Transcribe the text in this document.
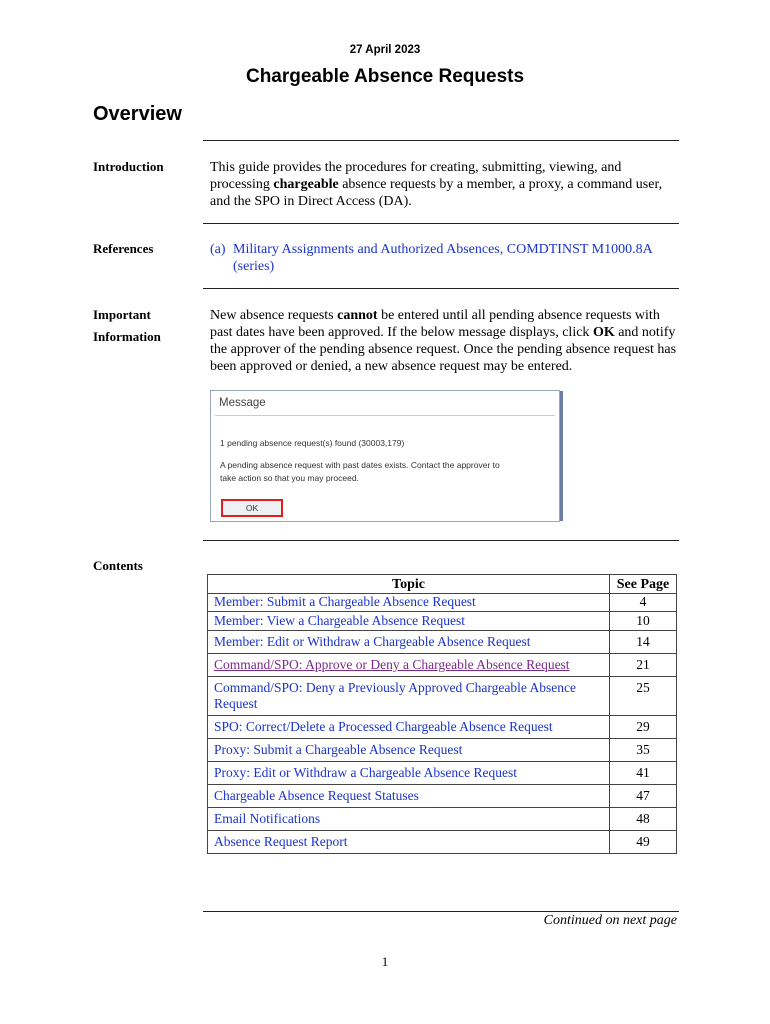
27 April 2023
Chargeable Absence Requests
Overview
Introduction	This guide provides the procedures for creating, submitting, viewing, and processing chargeable absence requests by a member, a proxy, a command user, and the SPO in Direct Access (DA).
References	(a) Military Assignments and Authorized Absences, COMDTINST M1000.8A (series)
Important
Information
New absence requests cannot be entered until all pending absence requests with past dates have been approved. If the below message displays, click OK and notify the approver of the pending absence request. Once the pending absence request has been approved or denied, a new absence request may be entered.
Message
1 pending absence request(s) found (30003,179)
A pending absence request with past dates exists. Contact the approver to
take action so that you may proceed.
OK
Contents
Topic	See Page
Member: Submit a Chargeable Absence Request	4
Member: View a Chargeable Absence Request	10
Member: Edit or Withdraw a Chargeable Absence Request	14
Command/SPO: Approve or Deny a Chargeable Absence Request	21
Command/SPO: Deny a Previously Approved Chargeable Absence Request	25
SPO: Correct/Delete a Processed Chargeable Absence Request	29
Proxy: Submit a Chargeable Absence Request	35
Proxy: Edit or Withdraw a Chargeable Absence Request	41
Chargeable Absence Request Statuses	47
Email Notifications	48
Absence Request Report	49
Continued on next page
1
